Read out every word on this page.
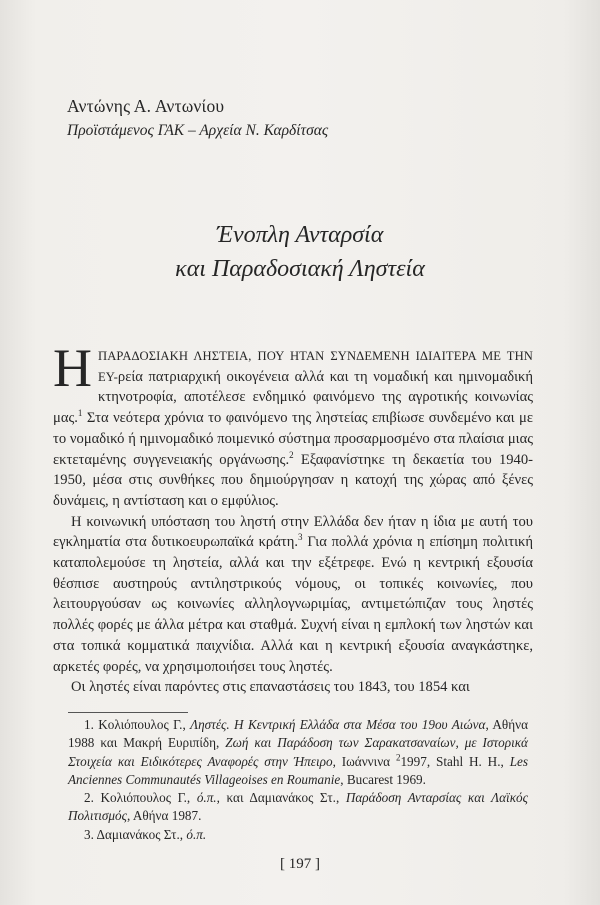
Αντώνης Α. Αντωνίου
Προϊστάμενος ΓΑΚ – Αρχεία Ν. Καρδίτσας
Ένοπλη Ανταρσία
και Παραδοσιακή Ληστεία

ΗΠΑΡΑΔΟΣΙΑΚΗ ΛΗΣΤΕΙΑ, ΠΟΥ ΗΤΑΝ ΣΥΝΔΕΜΕΝΗ ΙΔΙΑΙΤΕΡΑ ΜΕ ΤΗΝ ΕΥ-ρεία πατριαρχική οικογένεια αλλά και τη νομαδική και ημινομαδική κτηνοτροφία, αποτέλεσε ενδημικό φαινόμενο της αγροτικής κοινωνίας μας.$^1$ Στα νεότερα χρόνια το φαινόμενο της ληστείας επιβίωσε συνδεμένο και με το νομαδικό ή ημινομαδικό ποιμενικό σύστημα προσαρμοσμένο στα πλαίσια μιας εκτεταμένης συγγενειακής οργάνωσης.$^2$ Εξαφανίστηκε τη δεκαετία του 1940-1950, μέσα στις συνθήκες που δημιούργησαν η κατοχή της χώρας από ξένες δυνάμεις, η αντίσταση και ο εμφύλιος.

Η κοινωνική υπόσταση του ληστή στην Ελλάδα δεν ήταν η ίδια με αυτή του εγκληματία στα δυτικοευρωπαϊκά κράτη.$^3$ Για πολλά χρόνια η επίσημη πολιτική καταπολεμούσε τη ληστεία, αλλά και την εξέτρεφε. Ενώ η κεντρική εξουσία θέσπισε αυστηρούς αντιληστρικούς νόμους, οι τοπικές κοινωνίες, που λειτουργούσαν ως κοινωνίες αλληλογνωριμίας, αντιμετώπιζαν τους ληστές πολλές φορές με άλλα μέτρα και σταθμά. Συχνή είναι η εμπλοκή των ληστών και στα τοπικά κομματικά παιχνίδια. Αλλά και η κεντρική εξουσία αναγκάστηκε, αρκετές φορές, να χρησιμοποιήσει τους ληστές.

Οι ληστές είναι παρόντες στις επαναστάσεις του 1843, του 1854 και

1. Κολιόπουλος Γ., Ληστές. Η Κεντρική Ελλάδα στα Μέσα του 19ου Αιώνα, Αθήνα 1988 και Μακρή Ευριπίδη, Ζωή και Παράδοση των Σαρακατσαναίων, με Ιστορικά Στοιχεία και Ειδικότερες Αναφορές στην Ήπειρο, Ιωάννινα $^2$1997, Stahl H. H., Les Anciennes Communautés Villageoises en Roumanie, Bucarest 1969.

2. Κολιόπουλος Γ., ό.π., και Δαμιανάκος Στ., Παράδοση Ανταρσίας και Λαϊκός Πολιτισμός, Αθήνα 1987.

3. Δαμιανάκος Στ., ό.π.

[ 197 ]
